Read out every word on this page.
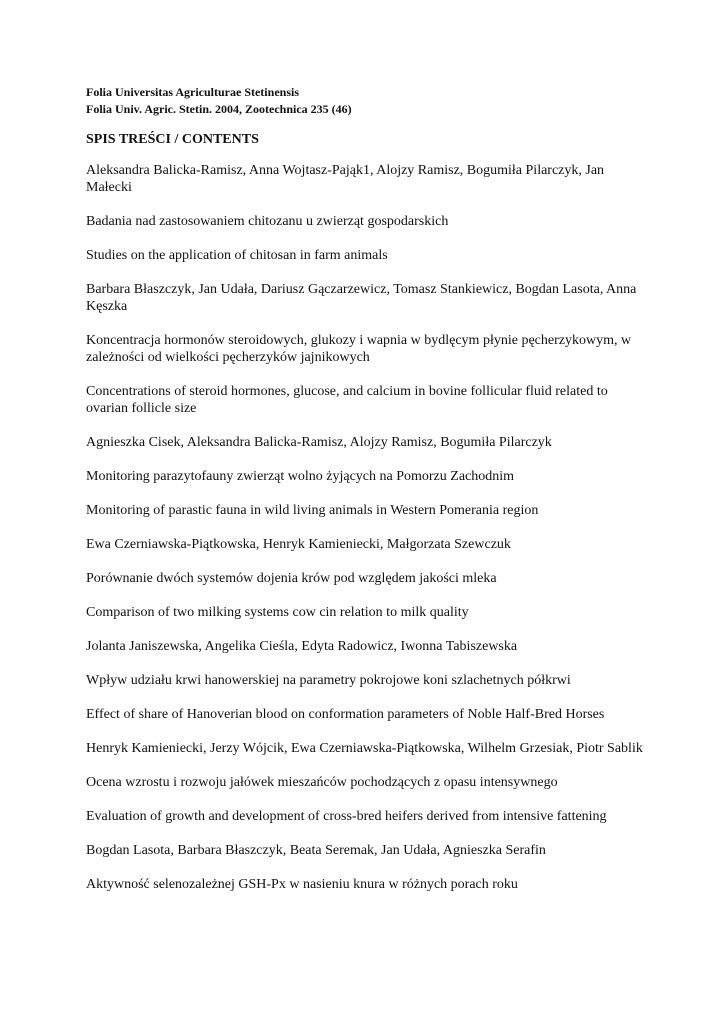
Folia Universitas Agriculturae Stetinensis

Folia Univ. Agric. Stetin. 2004, Zootechnica 235 (46)

SPIS TREŚCI / CONTENTS

Aleksandra Balicka-Ramisz, Anna Wojtasz-Pająk1, Alojzy Ramisz, Bogumiła Pilarczyk, Jan Małecki

Badania nad zastosowaniem chitozanu u zwierząt gospodarskich

Studies on the application of chitosan in farm animals

Barbara Błaszczyk, Jan Udała, Dariusz Gączarzewicz, Tomasz Stankiewicz, Bogdan Lasota, Anna Kęszka

Koncentracja hormonów steroidowych, glukozy i wapnia w bydlęcym płynie pęcherzykowym, w zależności od wielkości pęcherzyków jajnikowych

Concentrations of steroid hormones, glucose, and calcium in bovine follicular fluid related to ovarian follicle size

Agnieszka Cisek, Aleksandra Balicka-Ramisz, Alojzy Ramisz, Bogumiła Pilarczyk

Monitoring parazytofauny zwierząt wolno żyjących na Pomorzu Zachodnim

Monitoring of parastic fauna in wild living animals in Western Pomerania region

Ewa Czerniawska-Piątkowska, Henryk Kamieniecki, Małgorzata Szewczuk

Porównanie dwóch systemów dojenia krów pod względem jakości mleka

Comparison of two milking systems cow cin relation to milk quality

Jolanta Janiszewska, Angelika Cieśla, Edyta Radowicz, Iwonna Tabiszewska

Wpływ udziału krwi hanowerskiej na parametry pokrojowe koni szlachetnych półkrwi

Effect of share of Hanoverian blood on conformation parameters of Noble Half-Bred Horses

Henryk Kamieniecki, Jerzy Wójcik, Ewa Czerniawska-Piątkowska, Wilhelm Grzesiak, Piotr Sablik

Ocena wzrostu i rozwoju jałówek mieszańców pochodzących z opasu intensywnego

Evaluation of growth and development of cross-bred heifers derived from intensive fattening

Bogdan Lasota, Barbara Błaszczyk, Beata Seremak, Jan Udała, Agnieszka Serafin

Aktywność selenozależnej GSH-Px w nasieniu knura w różnych porach roku
